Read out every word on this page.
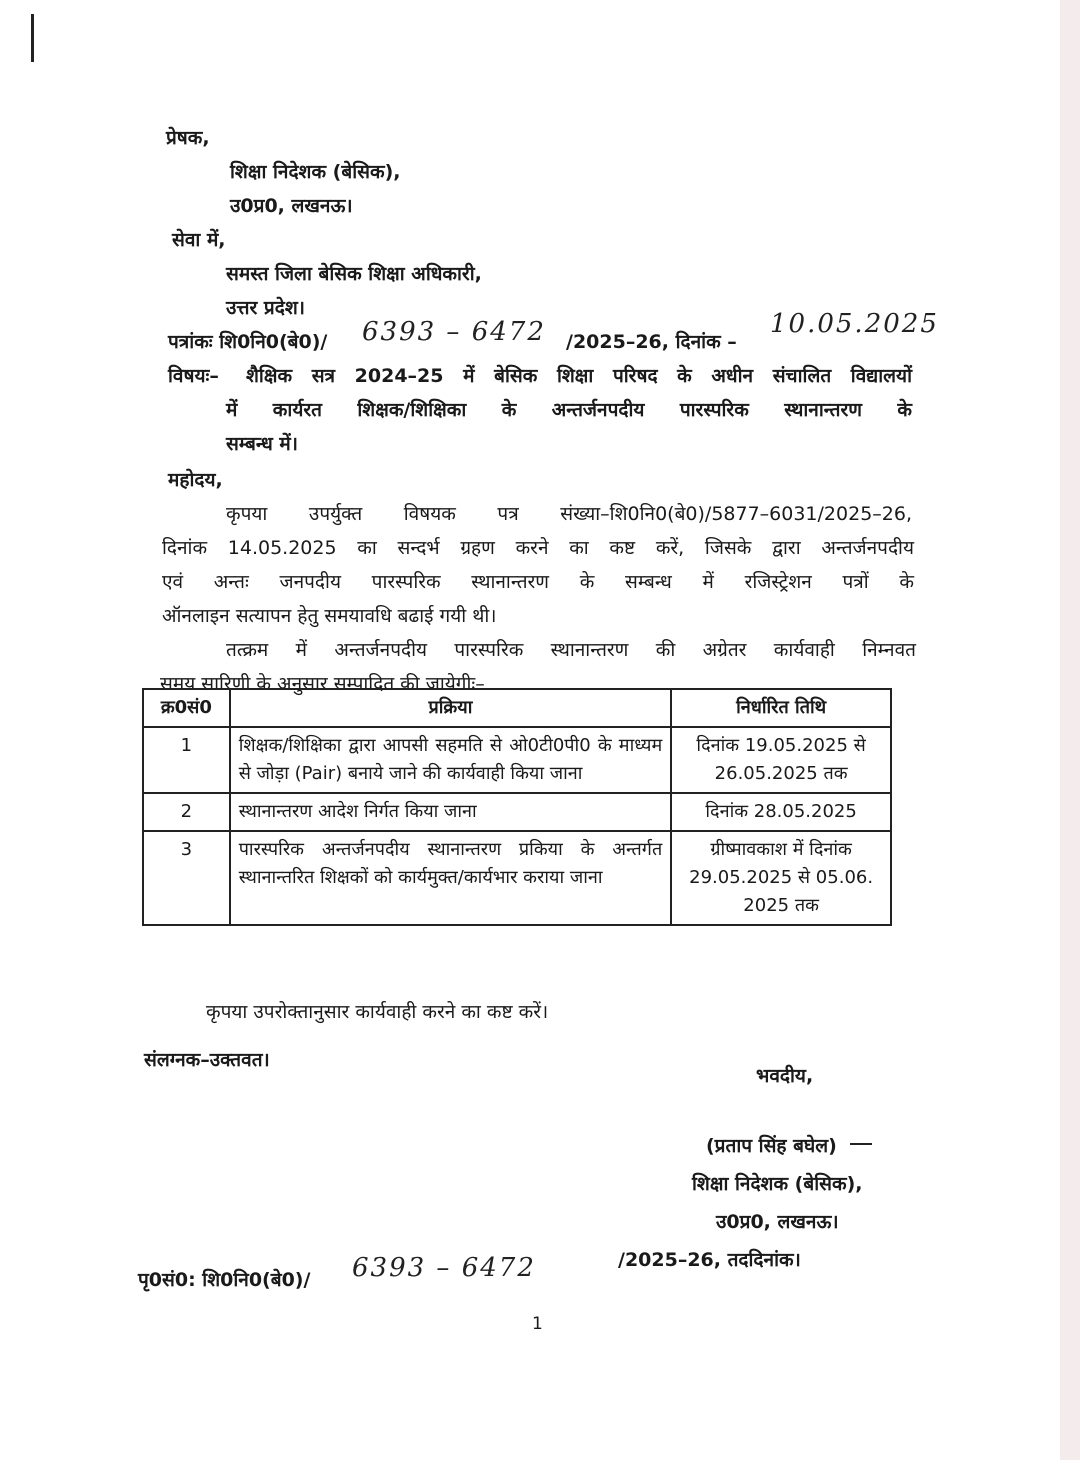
प्रेषक,
शिक्षा निदेशक (बेसिक),
उ0प्र0, लखनऊ।
सेवा में,
समस्त जिला बेसिक शिक्षा अधिकारी,
उत्तर प्रदेश।
पत्रांकः शि0नि0(बे0)/ 6393 – 6472 /2025–26, दिनांक –
10.05.2025
विषयः– शैक्षिक सत्र 2024–25 में बेसिक शिक्षा परिषद के अधीन संचालित विद्यालयों
में कार्यरत शिक्षक/शिक्षिका के अन्तर्जनपदीय पारस्परिक स्थानान्तरण के
सम्बन्ध में।
महोदय,
कृपया उपर्युक्त विषयक पत्र संख्या–शि0नि0(बे0)/5877–6031/2025–26,
दिनांक 14.05.2025 का सन्दर्भ ग्रहण करने का कष्ट करें, जिसके द्वारा अन्तर्जनपदीय
एवं अन्तः जनपदीय पारस्परिक स्थानान्तरण के सम्बन्ध में रजिस्ट्रेशन पत्रों के
ऑनलाइन सत्यापन हेतु समयावधि बढाई गयी थी।
तत्क्रम में अन्तर्जनपदीय पारस्परिक स्थानान्तरण की अग्रेतर कार्यवाही निम्नवत
समय सारिणी के अनुसार सम्पादित की जायेगीः–
क्र0सं0	प्रक्रिया	निर्धारित तिथि
1	शिक्षक/शिक्षिका द्वारा आपसी सहमति से ओ0टी0पी0 के माध्यम से जोड़ा (Pair) बनाये जाने की कार्यवाही किया जाना	दिनांक 19.05.2025 से 26.05.2025 तक
2	स्थानान्तरण आदेश निर्गत किया जाना	दिनांक 28.05.2025
3	पारस्परिक अन्तर्जनपदीय स्थानान्तरण प्रकिया के अन्तर्गत स्थानान्तरित शिक्षकों को कार्यमुक्त/कार्यभार कराया जाना	ग्रीष्मावकाश में दिनांक 29.05.2025 से 05.06. 2025 तक
कृपया उपरोक्तानुसार कार्यवाही करने का कष्ट करें।
संलग्नक–उक्तवत।
भवदीय,
(प्रताप सिंह बघेल)
शिक्षा निदेशक (बेसिक),
उ0प्र0, लखनऊ।
पृ0सं0: शि0नि0(बे0)/ 6393 – 6472	/2025–26, तददिनांक।
1
